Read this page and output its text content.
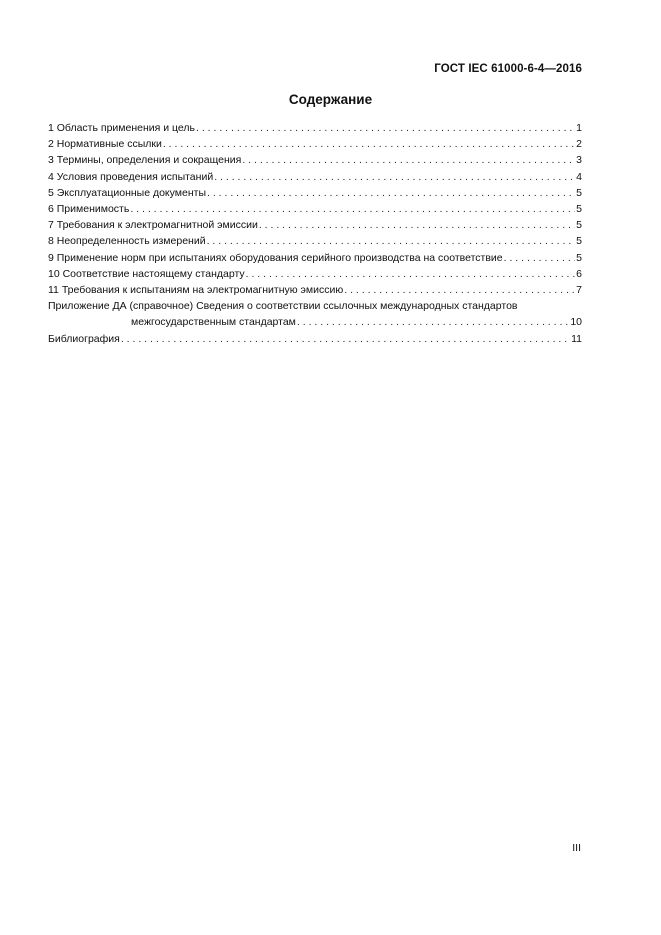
ГОСТ IEC 61000-6-4—2016
Содержание
1 Область применения и цель . . .	1
2 Нормативные ссылки . . .	2
3 Термины, определения и сокращения . . .	3
4 Условия проведения испытаний . . .	4
5 Эксплуатационные документы . . .	5
6 Применимость . . .	5
7 Требования к электромагнитной эмиссии . . .	5
8 Неопределенность измерений . . .	5
9 Применение норм при испытаниях оборудования серийного производства на соответствие . . .	5
10 Соответствие настоящему стандарту . . .	6
11 Требования к испытаниям на электромагнитную эмиссию . . .	7
Приложение ДА (справочное) Сведения о соответствии ссылочных международных стандартов
межгосударственным стандартам . . .	10
Библиография . . .	11
III
